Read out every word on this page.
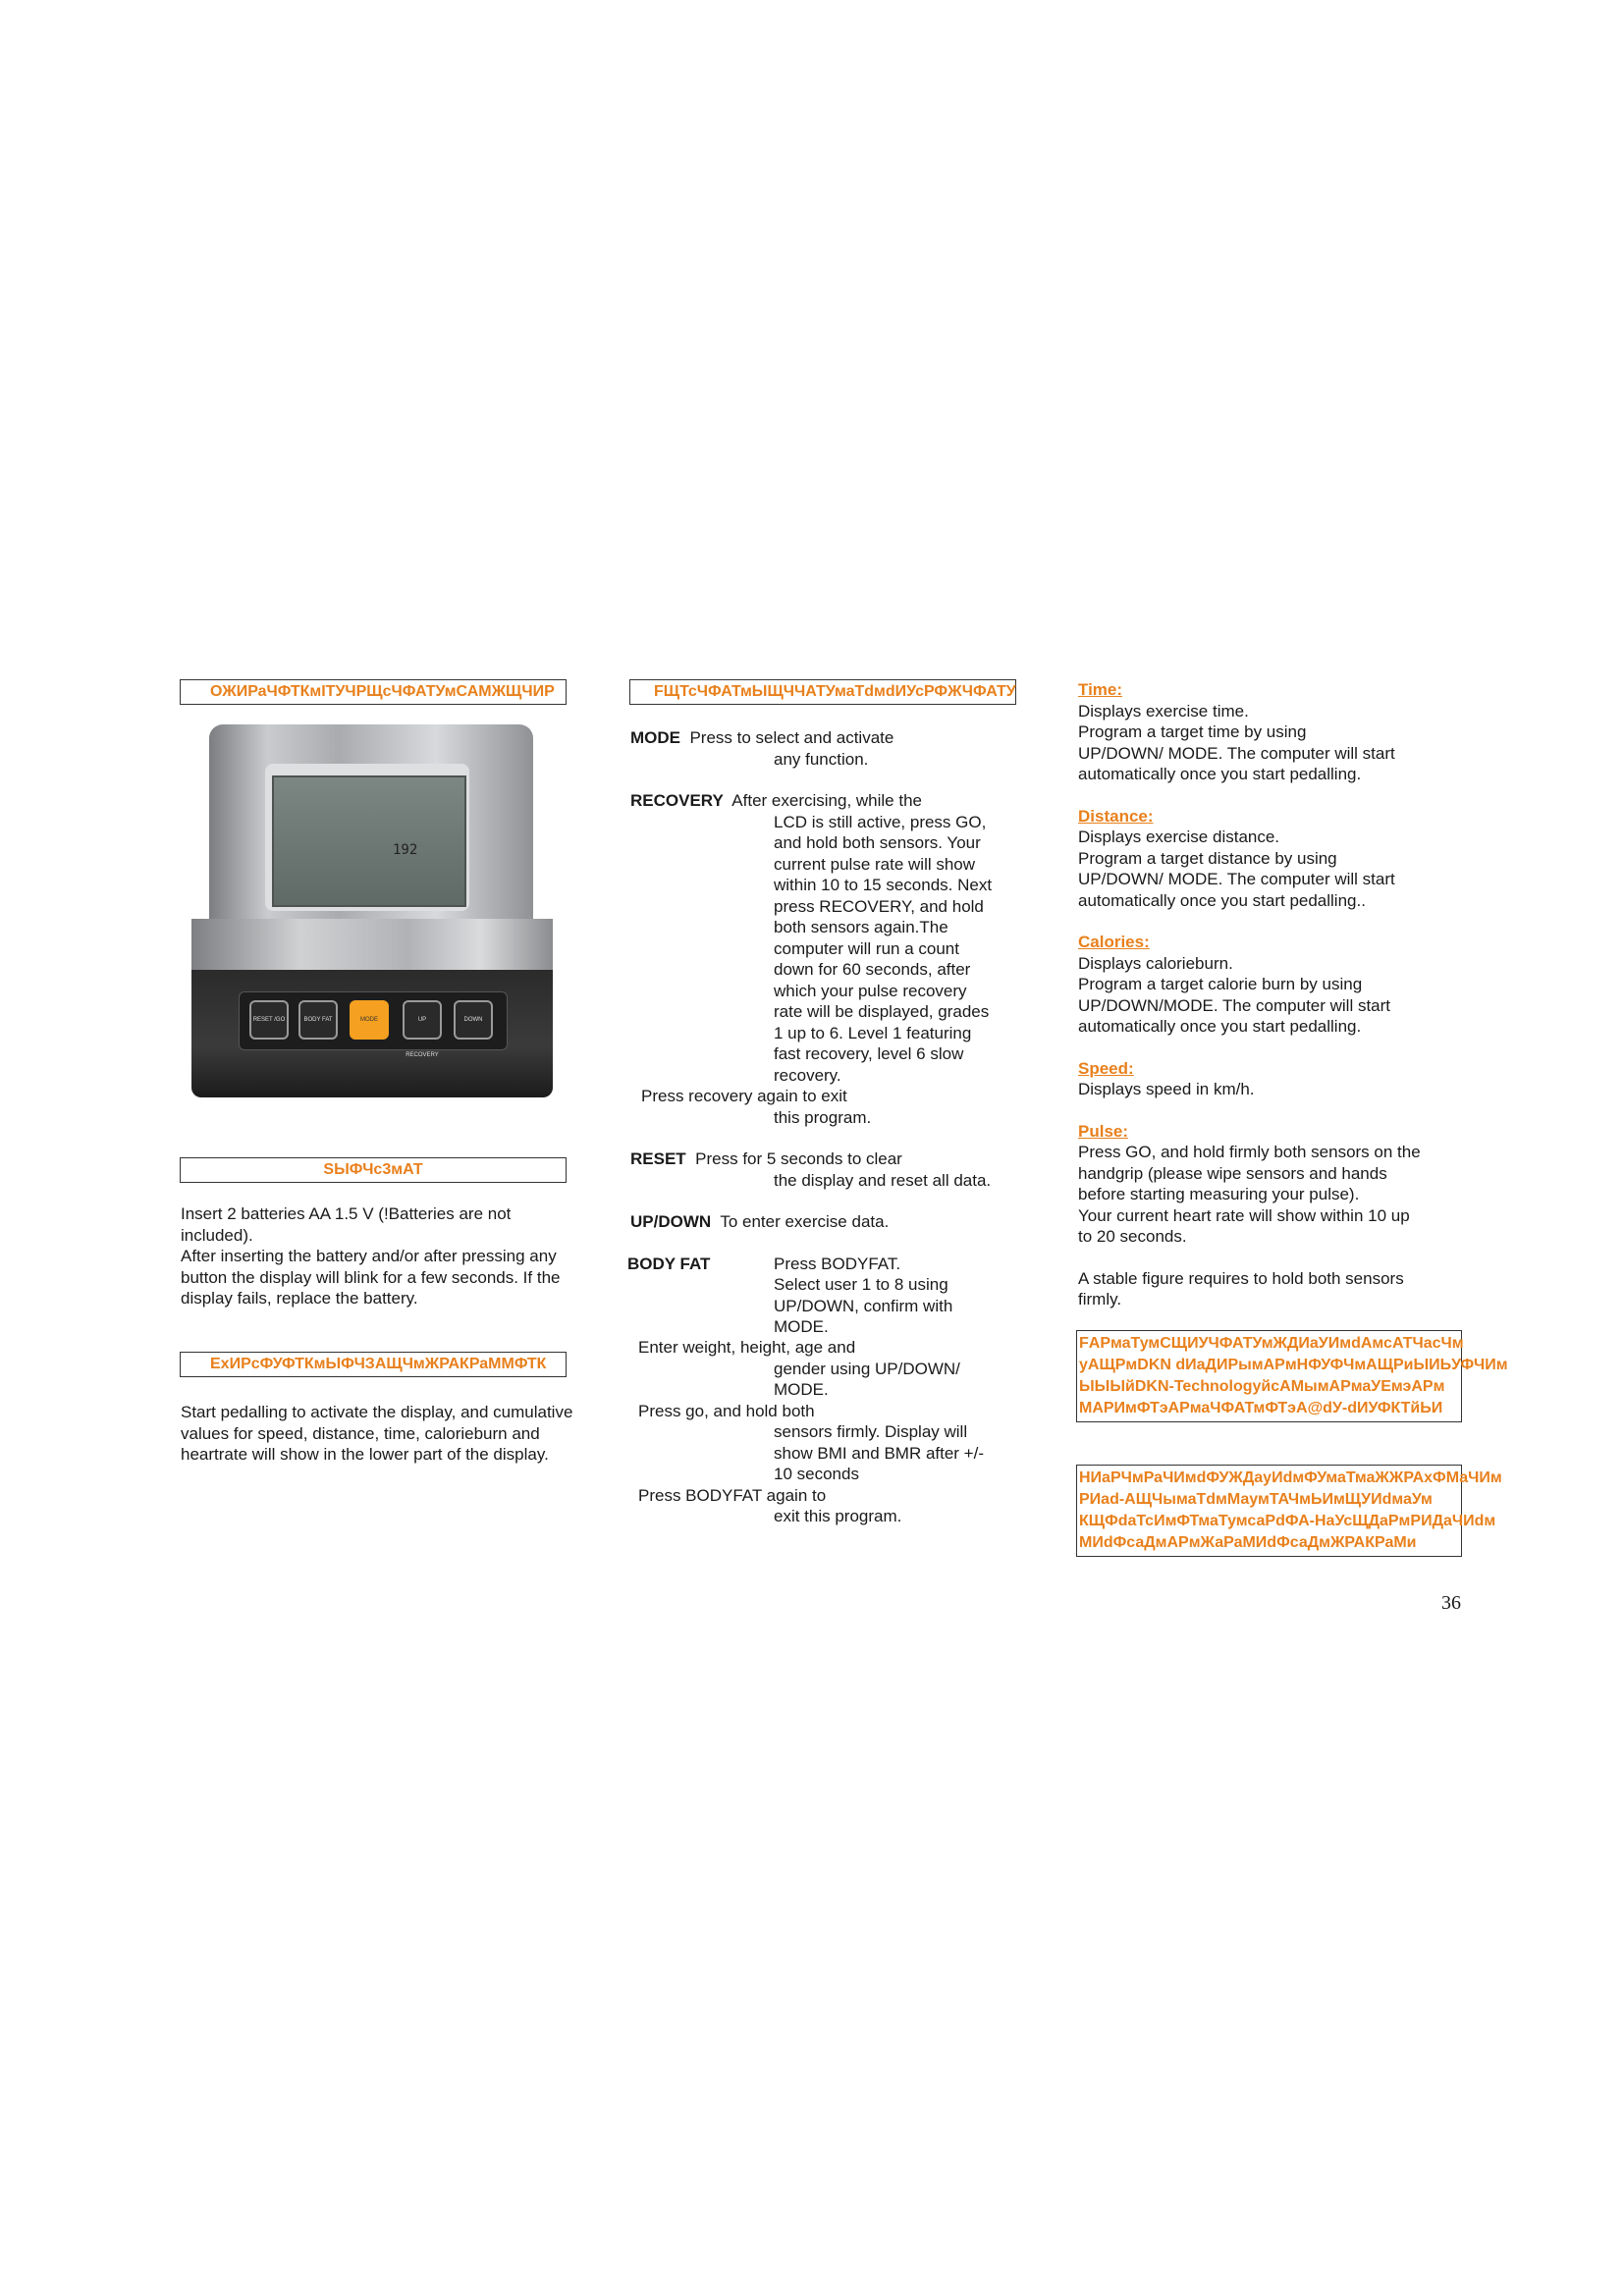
ОЖИРаЧФТКмІТУЧРЩсЧФАТУмСАМЖЩЧИР	FЩТсЧФАТмЫЩЧЧАТУмаТdмdИУсРФЖЧФАТУ
192
RESET /GO	BODY FAT	MODE	UP RECOVERY
DOWN
SЫФЧс3мАТ
Insert 2 batteries AA 1.5 V (!Batteries are not included).
After inserting the battery and/or after pressing any button the display will blink for a few seconds. If the display fails, replace the battery.
ЕхИРсФУФТКмЫФЧЗАЩЧмЖРАКРаММФТК
Start pedalling to activate the display, and cumulative values for speed, distance, time, calorieburn and heartrate will show in the lower part of the display.
MODE Press to select and activate
any function.
RECOVERY After exercising, while the
LCD is still active, press GO,
and hold both sensors. Your
current pulse rate will show
within 10 to 15 seconds. Next
press RECOVERY, and hold
both sensors again.The
computer will run a count
down for 60 seconds, after
which your pulse recovery
rate will be displayed, grades
1 up to 6. Level 1 featuring
fast recovery, level 6 slow
recovery.
Press recovery again to exit
this program.
RESET Press for 5 seconds to clear
the display and reset all data.
UP/DOWN To enter exercise data.
BODY FAT	Press BODYFAT.
Select user 1 to 8 using
UP/DOWN, confirm with
MODE.
Enter weight, height, age and
gender using UP/DOWN/
MODE.
Press go, and hold both
sensors firmly. Display will
show BMI and BMR after +/-
10 seconds
Press BODYFAT again to
exit this program.
Time:
Displays exercise time.
Program a target time by using
UP/DOWN/ MODE. The computer will start
automatically once you start pedalling.
Distance:
Displays exercise distance.
Program a target distance by using
UP/DOWN/ MODE. The computer will start
automatically once you start pedalling..
Calories:
Displays calorieburn.
Program a target calorie burn by using
UP/DOWN/MODE. The computer will start
automatically once you start pedalling.
Speed:
Displays speed in km/h.
Pulse:
Press GO, and hold firmly both sensors on the
handgrip (please wipe sensors and hands
before starting measuring your pulse).
Your current heart rate will show within 10 up
to 20 seconds.
A stable figure requires to hold both sensors
firmly.
FАРмаТумСЩИУЧФАТУмЖДИаУИмdАмсАТЧасЧм
уАЩРмDKN dИаДИРымАРмНФУФЧмАЩРиЫИЬУФЧИм
ЫЫЫйDKN-TechnologyйсАМымАРмаУЕмэАРм
МАРИмФТэАРмаЧФАТмФТэА@dУ-dИУФКТйЬИ
НИаРЧмРаЧИмdФУЖДауИdмФУмаТмаЖЖРАхФМаЧИм
РИаd-АЩЧымаТdмМаумТАЧмЬИмЩУИdмаУм
КЩФdаТсИмФТмаТумсаРdФА-НаУсЩДаРмРИДаЧИdм
МИdФсаДмАРмЖаРаМИdФсаДмЖРАКРаМи
36
